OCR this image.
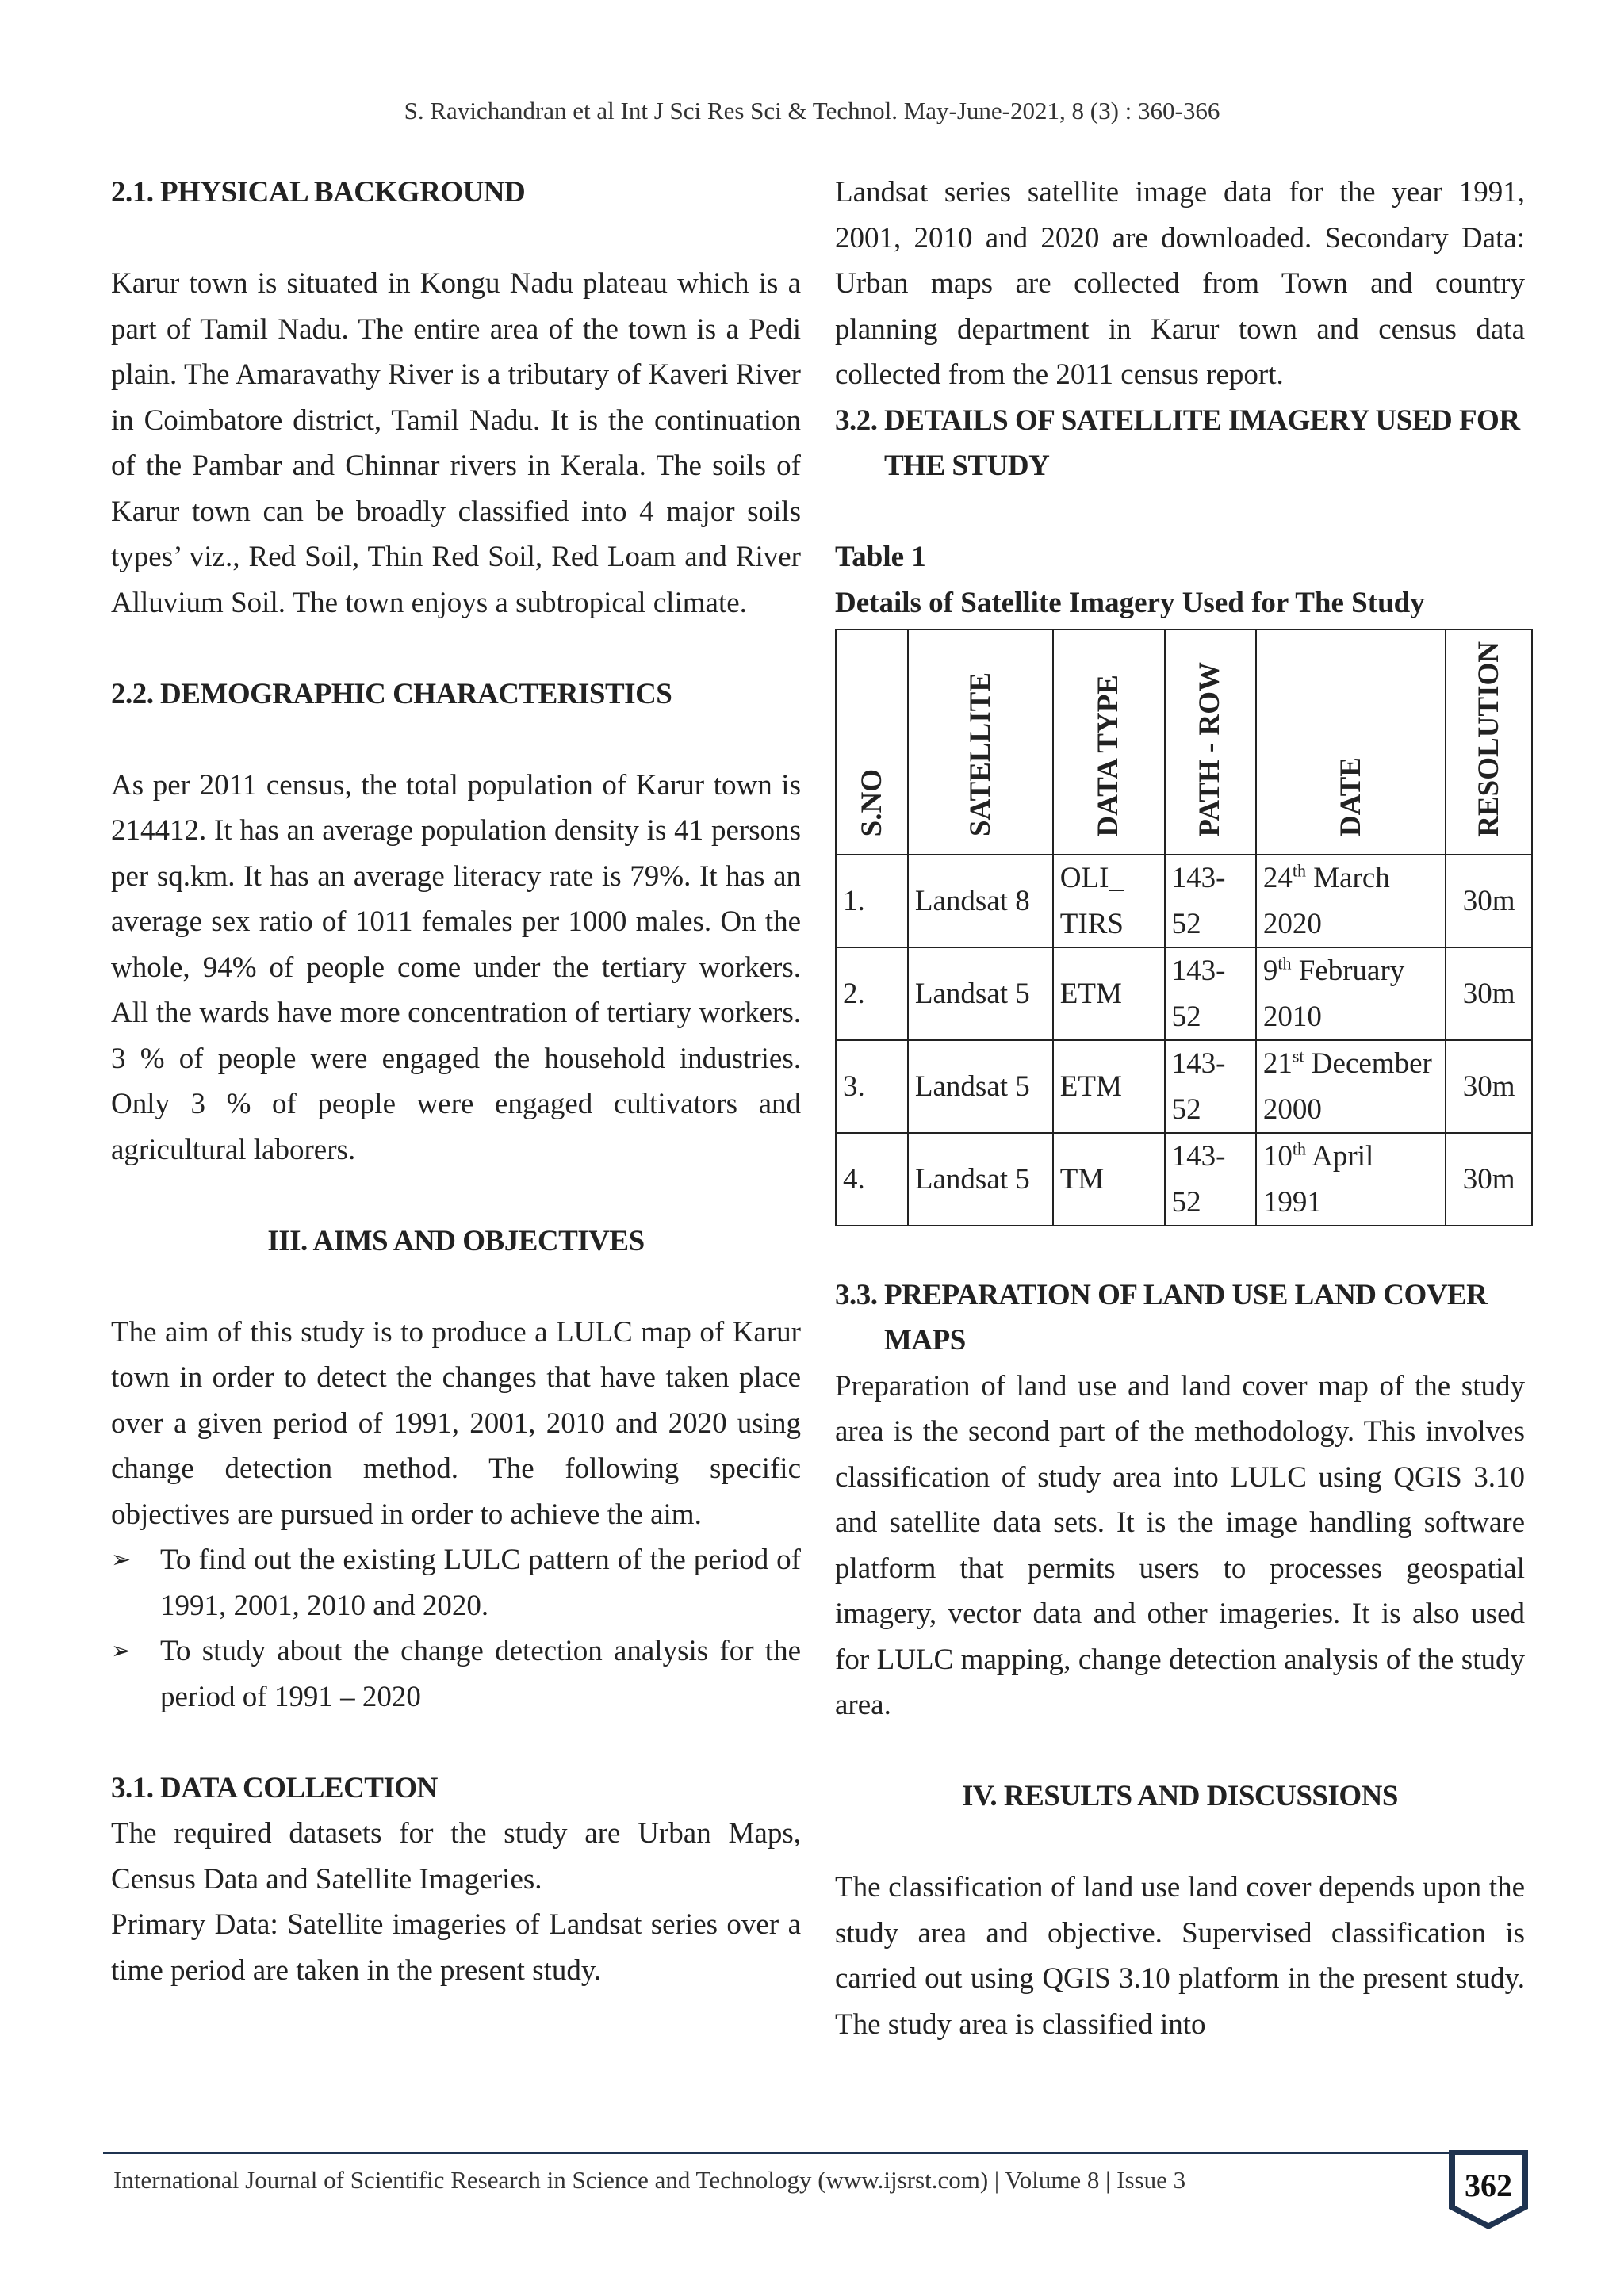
S. Ravichandran et al Int J Sci Res Sci & Technol. May-June-2021, 8 (3) : 360-366
2.1. PHYSICAL BACKGROUND

Karur town is situated in Kongu Nadu plateau which is a part of Tamil Nadu. The entire area of the town is a Pedi plain. The Amaravathy River is a tributary of Kaveri River in Coimbatore district, Tamil Nadu. It is the continuation of the Pambar and Chinnar rivers in Kerala. The soils of Karur town can be broadly classified into 4 major soils types’ viz., Red Soil, Thin Red Soil, Red Loam and River Alluvium Soil. The town enjoys a subtropical climate.

2.2. DEMOGRAPHIC CHARACTERISTICS

As per 2011 census, the total population of Karur town is 214412. It has an average population density is 41 persons per sq.km. It has an average literacy rate is 79%. It has an average sex ratio of 1011 females per 1000 males. On the whole, 94% of people come under the tertiary workers. All the wards have more concentration of tertiary workers. 3 % of people were engaged the household industries. Only 3 % of people were engaged cultivators and agricultural laborers.

III. AIMS AND OBJECTIVES

The aim of this study is to produce a LULC map of Karur town in order to detect the changes that have taken place over a given period of 1991, 2001, 2010 and 2020 using change detection method. The following specific objectives are pursued in order to achieve the aim.

➢ To find out the existing LULC pattern of the period of 1991, 2001, 2010 and 2020.

➢ To study about the change detection analysis for the period of 1991 – 2020

3.1. DATA COLLECTION

The required datasets for the study are Urban Maps, Census Data and Satellite Imageries.

Primary Data: Satellite imageries of Landsat series over a time period are taken in the present study.

Landsat series satellite image data for the year 1991, 2001, 2010 and 2020 are downloaded. Secondary Data: Urban maps are collected from Town and country planning department in Karur town and census data collected from the 2011 census report.

3.2. DETAILS OF SATELLITE IMAGERY USED FOR THE STUDY

Table 1

Details of Satellite Imagery Used for The Study

S.NO	SATELLITE	DATA TYPE	PATH - ROW	DATE	RESOLUTION
1.	Landsat 8	OLI_ TIRS	143-52	24th March 2020	30m
2.	Landsat 5	ETM	143-52	9th February 2010	30m
3.	Landsat 5	ETM	143-52	21st December 2000	30m
4.	Landsat 5	TM	143-52	10th April 1991	30m
3.3. PREPARATION OF LAND USE LAND COVER MAPS

Preparation of land use and land cover map of the study area is the second part of the methodology. This involves classification of study area into LULC using QGIS 3.10 and satellite data sets. It is the image handling software platform that permits users to processes geospatial imagery, vector data and other imageries. It is also used for LULC mapping, change detection analysis of the study area.

IV. RESULTS AND DISCUSSIONS

The classification of land use land cover depends upon the study area and objective. Supervised classification is carried out using QGIS 3.10 platform in the present study. The study area is classified into

International Journal of Scientific Research in Science and Technology (www.ijsrst.com) | Volume 8 | Issue 3	362
